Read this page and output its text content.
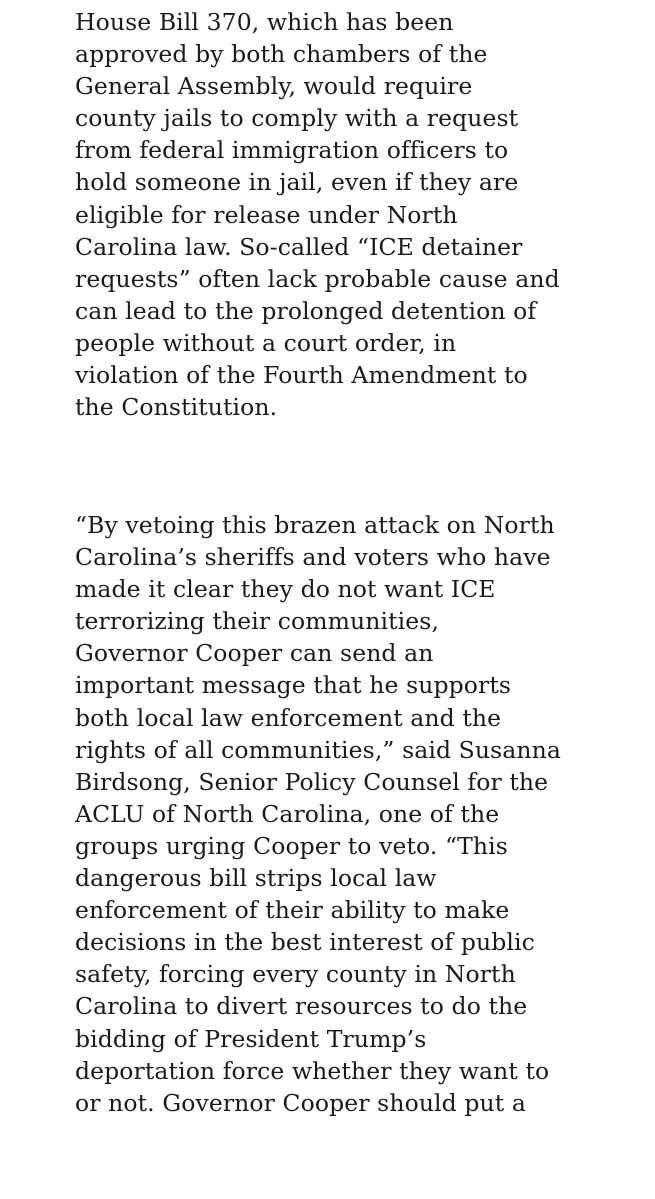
House Bill 370, which has been
approved by both chambers of the
General Assembly, would require
county jails to comply with a request
from federal immigration officers to
hold someone in jail, even if they are
eligible for release under North
Carolina law. So-called “ICE detainer
requests” often lack probable cause and
can lead to the prolonged detention of
people without a court order, in
violation of the Fourth Amendment to
the Constitution.

“By vetoing this brazen attack on North
Carolina’s sheriffs and voters who have
made it clear they do not want ICE
terrorizing their communities,
Governor Cooper can send an
important message that he supports
both local law enforcement and the
rights of all communities,” said Susanna
Birdsong, Senior Policy Counsel for the
ACLU of North Carolina, one of the
groups urging Cooper to veto. “This
dangerous bill strips local law
enforcement of their ability to make
decisions in the best interest of public
safety, forcing every county in North
Carolina to divert resources to do the
bidding of President Trump’s
deportation force whether they want to
or not. Governor Cooper should put a
